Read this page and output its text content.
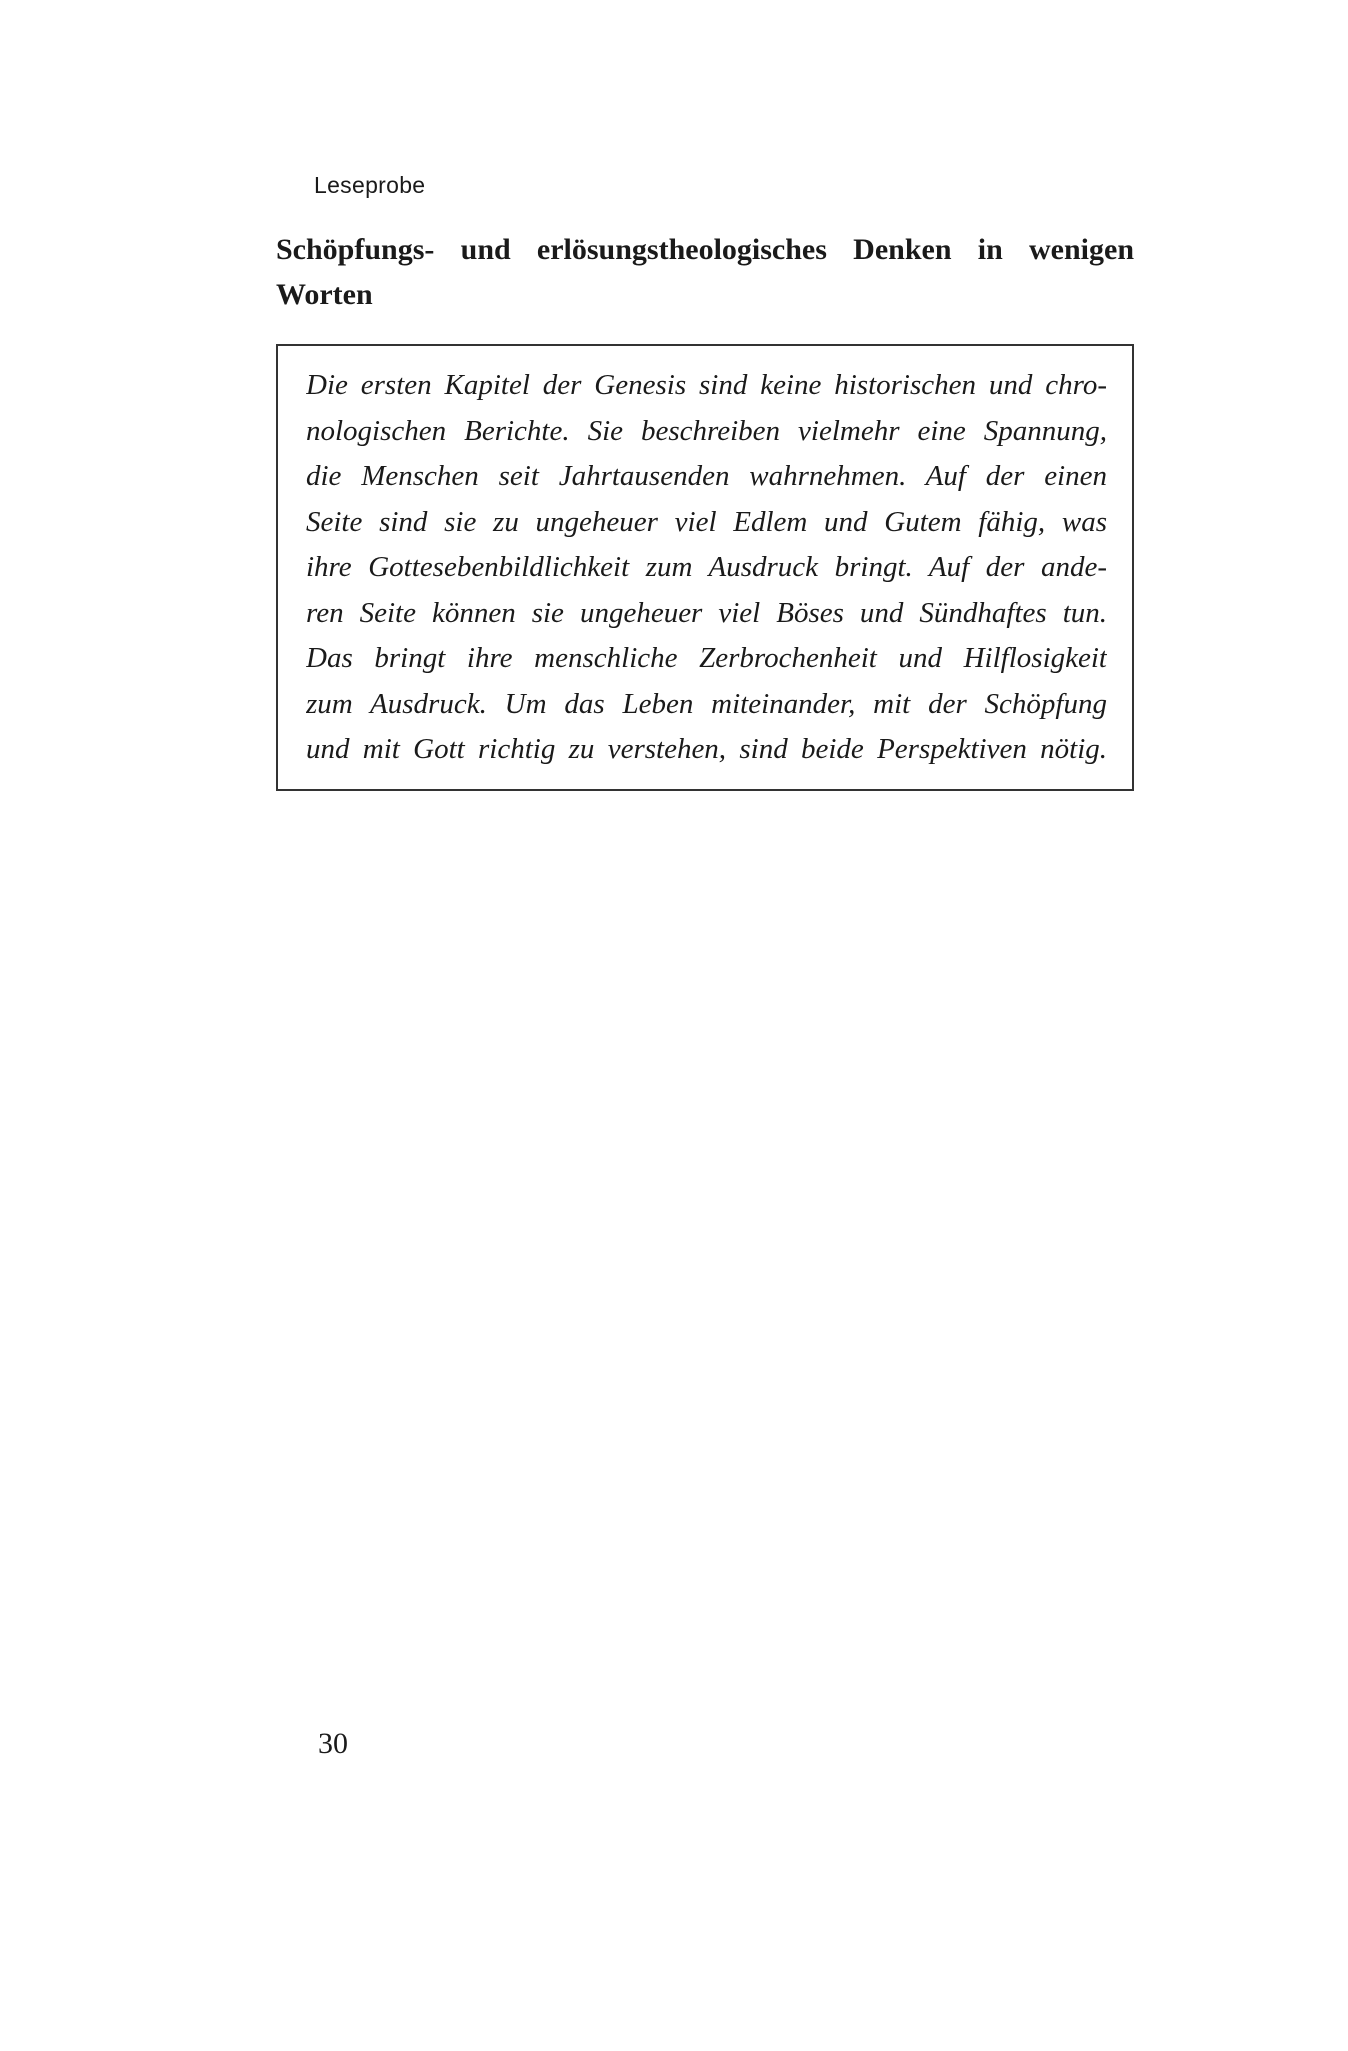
Leseprobe
Schöpfungs- und erlösungstheologisches Denken in wenigen
Worten
Die ersten Kapitel der Genesis sind keine historischen und chro-
nologischen Berichte. Sie beschreiben vielmehr eine Spannung,
die Menschen seit Jahrtausenden wahrnehmen. Auf der einen
Seite sind sie zu ungeheuer viel Edlem und Gutem fähig, was
ihre Gottesebenbildlichkeit zum Ausdruck bringt. Auf der ande-
ren Seite können sie ungeheuer viel Böses und Sündhaftes tun.
Das bringt ihre menschliche Zerbrochenheit und Hilflosigkeit
zum Ausdruck. Um das Leben miteinander, mit der Schöpfung
und mit Gott richtig zu verstehen, sind beide Perspektiven nötig.
30
